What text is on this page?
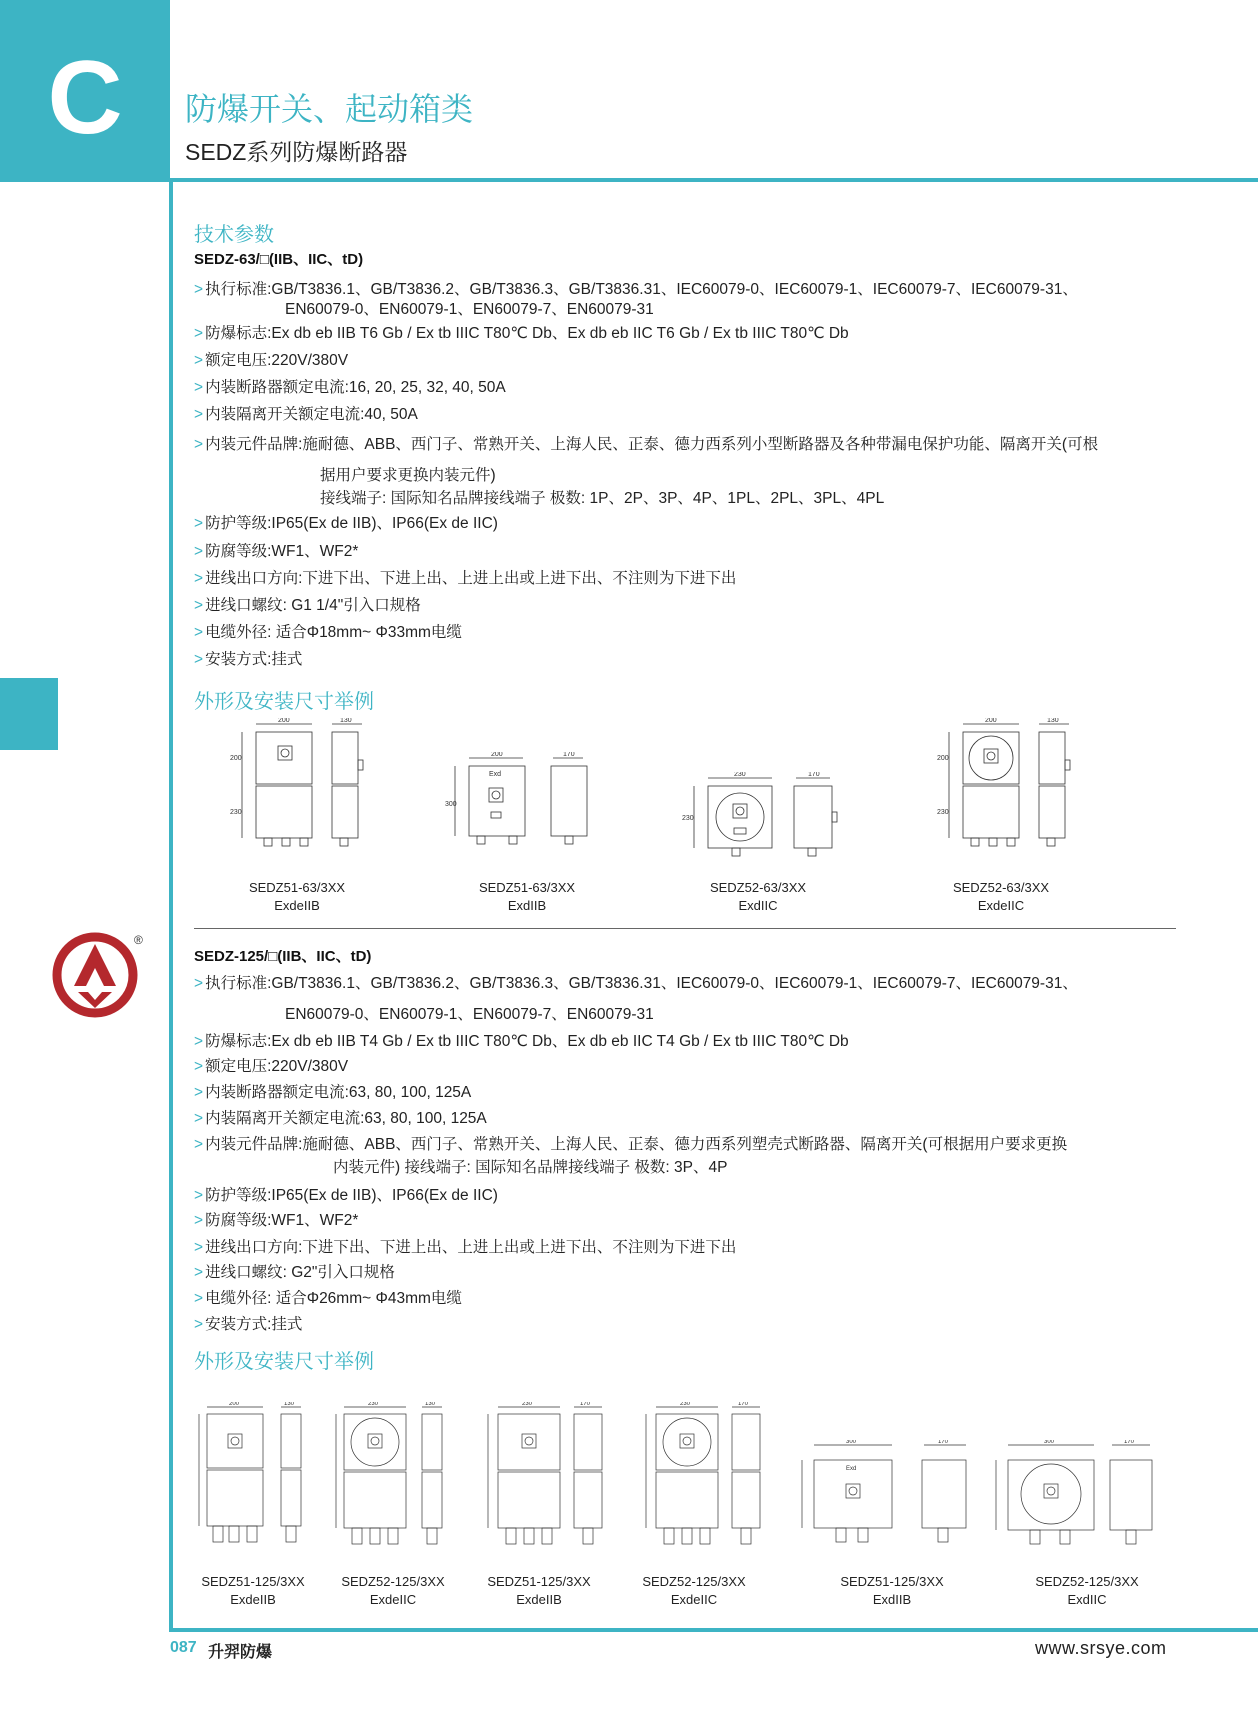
C	防爆开关、起动箱类
SEDZ系列防爆断路器
®
技术参数
SEDZ-63/□(IIB、IIC、tD)
> 执行标准:GB/T3836.1、GB/T3836.2、GB/T3836.3、GB/T3836.31、IEC60079-0、IEC60079-1、IEC60079-7、IEC60079-31、
EN60079-0、EN60079-1、EN60079-7、EN60079-31
> 防爆标志:Ex db eb IIB T6 Gb / Ex tb IIIC T80℃ Db、Ex db eb IIC T6 Gb / Ex tb IIIC T80℃ Db
> 额定电压:220V/380V
> 内装断路器额定电流:16, 20, 25, 32, 40, 50A
> 内装隔离开关额定电流:40, 50A
> 内装元件品牌:施耐德、ABB、西门子、常熟开关、上海人民、正泰、德力西系列小型断路器及各种带漏电保护功能、隔离开关(可根
据用户要求更换内装元件)
接线端子: 国际知名品牌接线端子 极数: 1P、2P、3P、4P、1PL、2PL、3PL、4PL
> 防护等级:IP65(Ex de IIB)、IP66(Ex de IIC)
> 防腐等级:WF1、WF2*
> 进线出口方向:下进下出、下进上出、上进上出或上进下出、不注则为下进下出
> 进线口螺纹: G1 1/4"引入口规格
> 电缆外径: 适合Φ18mm~ Φ33mm电缆
> 安装方式:挂式
外形及安装尺寸举例
200	130
200
230
200	170
Exd
300
230	170
230
200	130
200
230
SEDZ51-63/3XX
ExdeIIB
SEDZ51-63/3XX
ExdIIB
SEDZ52-63/3XX
ExdIIC
SEDZ52-63/3XX
ExdeIIC
SEDZ-125/□(IIB、IIC、tD)
> 执行标准:GB/T3836.1、GB/T3836.2、GB/T3836.3、GB/T3836.31、IEC60079-0、IEC60079-1、IEC60079-7、IEC60079-31、
EN60079-0、EN60079-1、EN60079-7、EN60079-31
> 防爆标志:Ex db eb IIB T4 Gb / Ex tb IIIC T80℃ Db、Ex db eb IIC T4 Gb / Ex tb IIIC T80℃ Db
> 额定电压:220V/380V
> 内装断路器额定电流:63, 80, 100, 125A
> 内装隔离开关额定电流:63, 80, 100, 125A
> 内装元件品牌:施耐德、ABB、西门子、常熟开关、上海人民、正泰、德力西系列塑壳式断路器、隔离开关(可根据用户要求更换
内装元件) 接线端子: 国际知名品牌接线端子 极数: 3P、4P
> 防护等级:IP65(Ex de IIB)、IP66(Ex de IIC)
> 防腐等级:WF1、WF2*
> 进线出口方向:下进下出、下进上出、上进上出或上进下出、不注则为下进下出
> 进线口螺纹: G2"引入口规格
> 电缆外径: 适合Φ26mm~ Φ43mm电缆
> 安装方式:挂式
外形及安装尺寸举例
200	130	230	130	230	170	230	170
300	170
Exd
300	170
SEDZ51-125/3XX
ExdeIIB
SEDZ52-125/3XX
ExdeIIC
SEDZ51-125/3XX
ExdeIIB
SEDZ52-125/3XX
ExdeIIC
SEDZ51-125/3XX
ExdIIB
SEDZ52-125/3XX
ExdIIC
087 升羿防爆	www.srsye.com
